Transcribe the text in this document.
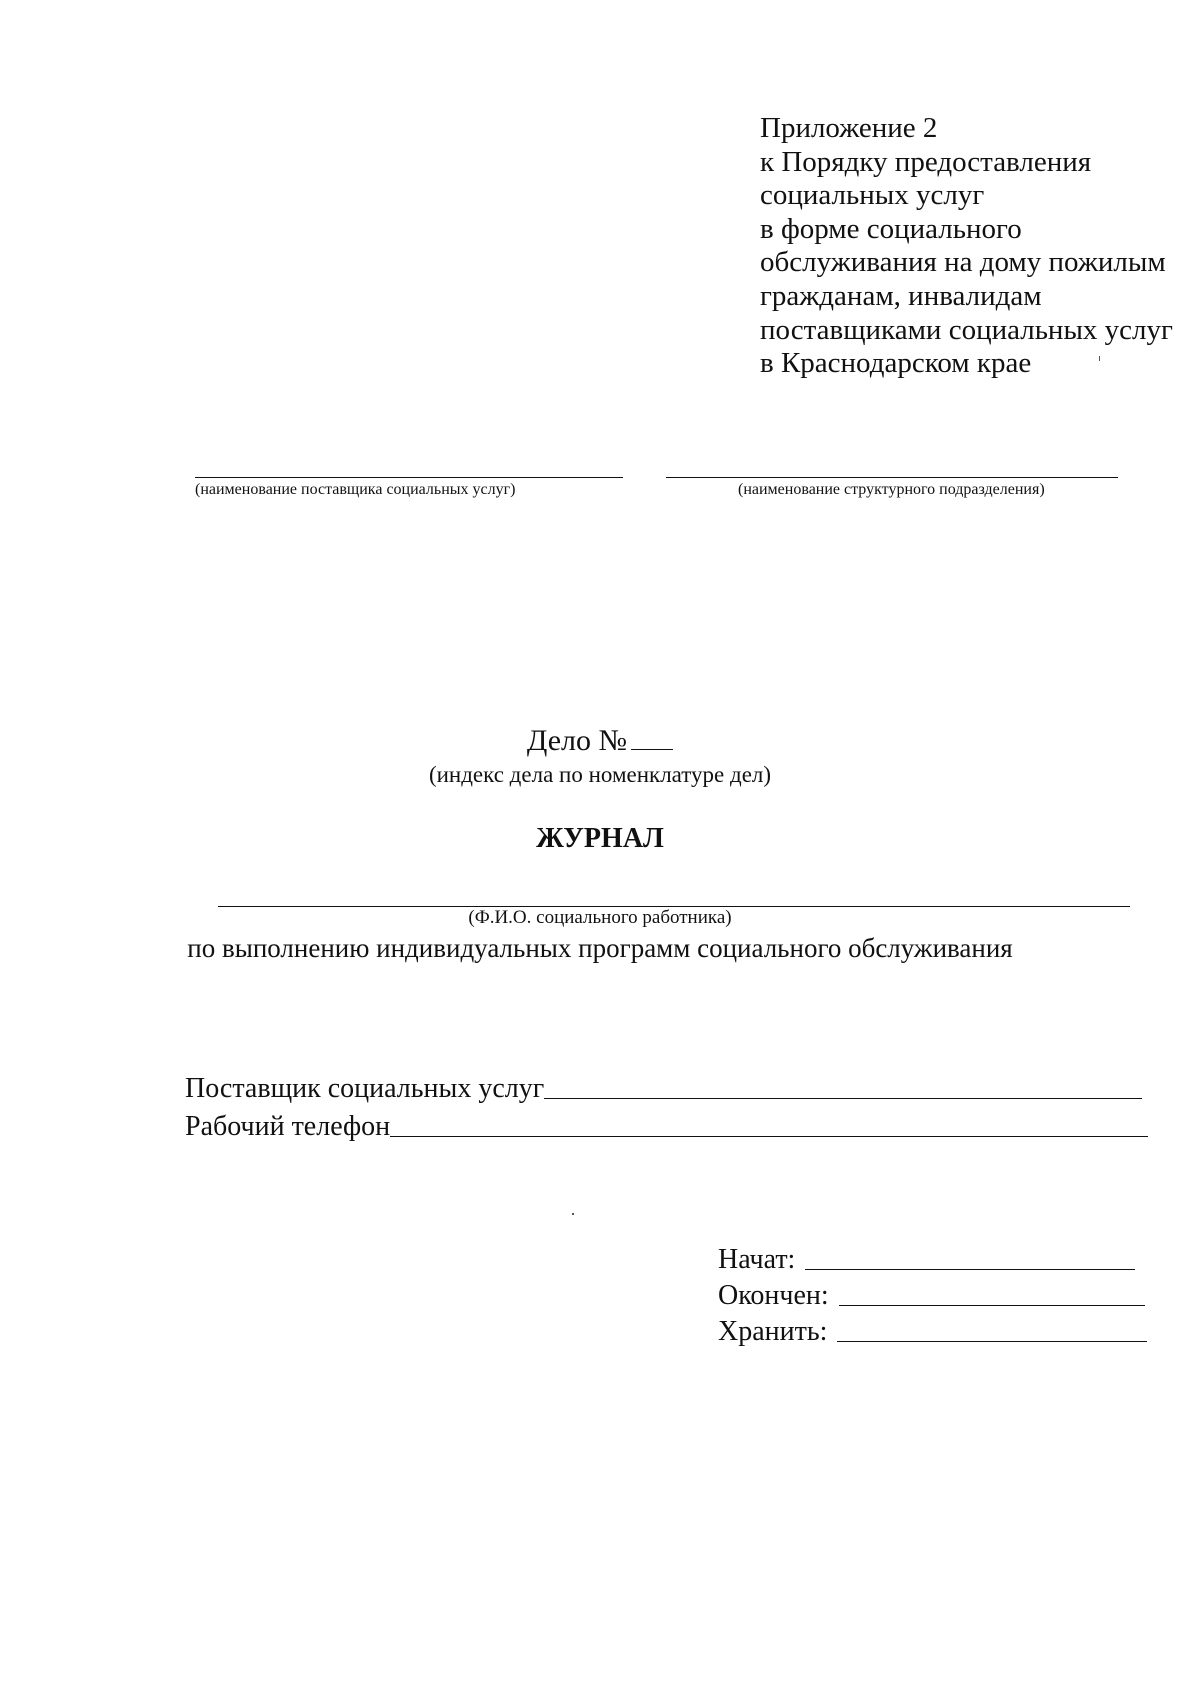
Приложение 2
к Порядку предоставления
социальных услуг
в форме социального
обслуживания на дому пожилым
гражданам, инвалидам
поставщиками социальных услуг
в Краснодарском крае
(наименование поставщика социальных услуг)	(наименование структурного подразделения)
Дело №
(индекс дела по номенклатуре дел)
ЖУРНАЛ
(Ф.И.О. социального работника)
по выполнению индивидуальных программ социального обслуживания
Поставщик социальных услуг
Рабочий телефон
Начат:
Окончен:
Хранить:
